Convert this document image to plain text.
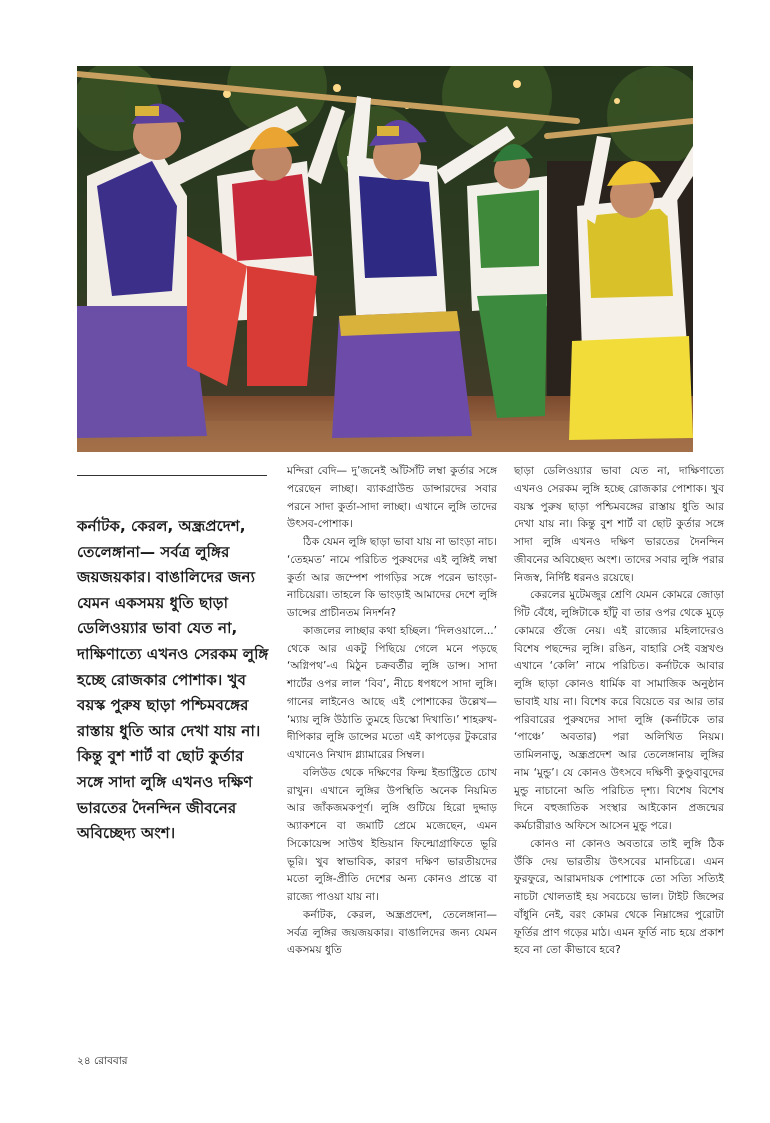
কর্নাটক, কেরল, অন্ধ্রপ্রদেশ, তেলেঙ্গানা— সর্বত্র লুঙ্গির জয়জয়কার। বাঙালিদের জন্য যেমন একসময় ধুতি ছাড়া ডেলিওয়্যার ভাবা যেত না, দাক্ষিণাত্যে এখনও সেরকম লুঙ্গি হচ্ছে রোজকার পোশাক। খুব বয়স্ক পুরুষ ছাড়া পশ্চিমবঙ্গের রাস্তায় ধুতি আর দেখা যায় না। কিন্তু বুশ শার্ট বা ছোট কুর্তার সঙ্গে সাদা লুঙ্গি এখনও দক্ষিণ ভারতের দৈনন্দিন জীবনের অবিচ্ছেদ্য অংশ।

মন্দিরা বেদি— দু’জনেই আঁটসাঁট লম্বা কুর্তার সঙ্গে পরেছেন লাচ্ছা। ব্যাকগ্রাউন্ড ডান্সারদের সবার পরনে সাদা কুর্তা-সাদা লাচ্ছা। এখানে লুঙ্গি তাদের উৎসব-পোশাক।

ঠিক যেমন লুঙ্গি ছাড়া ভাবা যায় না ভাংড়া নাচ। ‘তেহমত’ নামে পরিচিত পুরুষদের এই লুঙ্গিই লম্বা কুর্তা আর জম্পেশ পাগড়ির সঙ্গে পরেন ভাংড়া-নাচিয়েরা। তাহলে কি ভাংড়াই আমাদের দেশে লুঙ্গি ডান্সের প্রাচীনতম নিদর্শন?

কাজলের লাচ্ছার কথা হচ্ছিল। ‘দিলওয়ালে...’ থেকে আর একটু পিছিয়ে গেলে মনে পড়ছে ‘অগ্নিপথ’-এ মিঠুন চক্রবর্তীর লুঙ্গি ডান্স। সাদা শার্টের ওপর লাল ‘বিব’, নীচে ধপধপে সাদা লুঙ্গি। গানের লাইনেও আছে এই পোশাকের উল্লেখ— ‘ম্যায় লুঙ্গি উঠাতি তুমহে ডিস্কো দিখাতি।’ শাহরুখ-দীপিকার লুঙ্গি ডান্সের মতো এই কাপড়ের টুকরোর এখানেও নিখাদ গ্ল্যামারের সিম্বল।

বলিউড থেকে দক্ষিণের ফিল্ম ইন্ডাস্ট্রিতে চোখ রাখুন। এখানে লুঙ্গির উপস্থিতি অনেক নিয়মিত আর জাঁকজমকপূর্ণ। লুঙ্গি গুটিয়ে হিরো দুদ্দাড় অ্যাকশনে বা জমাটি প্রেমে মজেছেন, এমন সিকোয়েন্স সাউথ ইন্ডিয়ান ফিল্মোগ্রাফিতে ভূরি ভূরি। খুব স্বাভাবিক, কারণ দক্ষিণ ভারতীয়দের মতো লুঙ্গি-প্রীতি দেশের অন্য কোনও প্রান্তে বা রাজ্যে পাওয়া যায় না।

কর্নাটক, কেরল, অন্ধ্রপ্রদেশ, তেলেঙ্গানা— সর্বত্র লুঙ্গির জয়জয়কার। বাঙালিদের জন্য যেমন একসময় ধুতি

ছাড়া ডেলিওয়্যার ভাবা যেত না, দাক্ষিণাত্যে এখনও সেরকম লুঙ্গি হচ্ছে রোজকার পোশাক। খুব বয়স্ক পুরুষ ছাড়া পশ্চিমবঙ্গের রাস্তায় ধুতি আর দেখা যায় না। কিন্তু বুশ শার্ট বা ছোট কুর্তার সঙ্গে সাদা লুঙ্গি এখনও দক্ষিণ ভারতের দৈনন্দিন জীবনের অবিচ্ছেদ্য অংশ। তাদের সবার লুঙ্গি পরার নিজস্ব, নির্দিষ্ট ধরনও রয়েছে।

কেরলের মুটেমজুর শ্রেণি যেমন কোমরে জোড়া গিঁট বেঁধে, লুঙ্গিটাকে হাঁটু বা তার ওপর থেকে মুড়ে কোমরে গুঁজে নেয়। এই রাজ্যের মহিলাদেরও বিশেষ পছন্দের লুঙ্গি। রঙিন, বাহারি সেই বস্ত্রখণ্ড এখানে ‘কেলি’ নামে পরিচিত। কর্নাটকে আবার লুঙ্গি ছাড়া কোনও ধার্মিক বা সামাজিক অনুষ্ঠান ভাবাই যায় না। বিশেষ করে বিয়েতে বর আর তার পরিবারের পুরুষদের সাদা লুঙ্গি (কর্নাটকে তার ‘পাঞ্চে’ অবতার) পরা অলিখিত নিয়ম। তামিলনাড়ু, অন্ধ্রপ্রদেশ আর তেলেঙ্গানায় লুঙ্গির নাম ‘মুন্ডু’। যে কোনও উৎসবে দক্ষিণী কুণ্ডুবাবুদের মুন্ডু নাচানো অতি পরিচিত দৃশ্য। বিশেষ বিশেষ দিনে বহুজাতিক সংস্থার আইকোন প্রজন্মের কর্মচারীরাও অফিসে আসেন মুন্ডু পরে।

কোনও না কোনও অবতারে তাই লুঙ্গি ঠিক উঁকি দেয় ভারতীয় উৎসবের মানচিত্রে। এমন ফুরফুরে, আরামদায়ক পোশাকে তো সত্যি সত্যিই নাচটা খোলতাই হয় সবচেয়ে ভাল। টাইট জিন্সের বাঁধুনি নেই, বরং কোমর থেকে নিম্নাঙ্গের পুরোটা ফূর্তির প্রাণ গড়ের মাঠ। এমন ফূর্তি নাচ হয়ে প্রকাশ হবে না তো কীভাবে হবে?

২৪ রোববার
